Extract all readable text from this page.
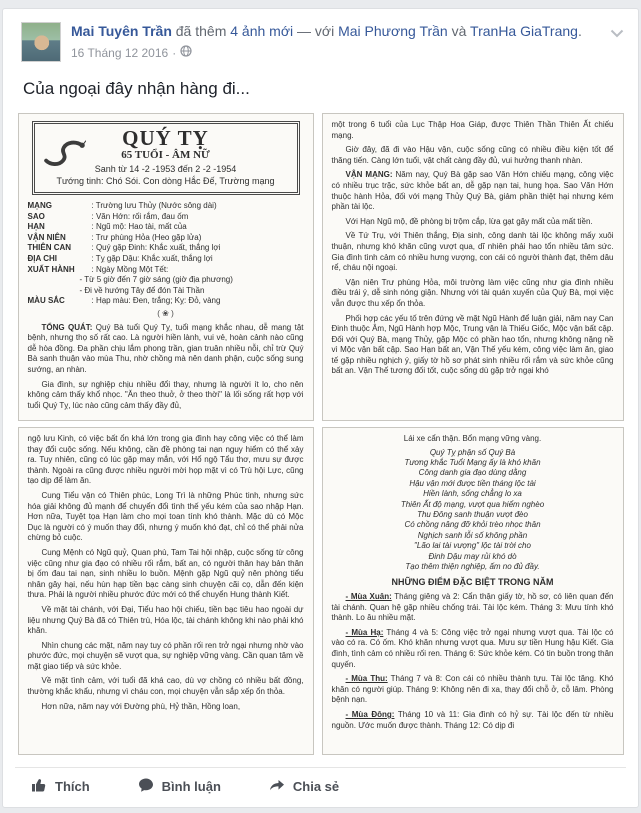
Mai Tuyên Trần đã thêm 4 ảnh mới — với Mai Phương Trần và TranHa GiaTrang.
16 Tháng 12 2016 ·
Của ngoại đây nhận hàng đi...
QUÝ TỴ
65 TUỔI - ÂM NỮ
Sanh từ 14 -2 -1953 đến 2 -2 -1954
Tướng tinh: Chó Sói. Con dòng Hắc Đế, Trường mạng
MẠNG	: Trường lưu Thủy (Nước sông dài)
SAO	: Văn Hớn: rối rắm, đau ốm
HẠN	: Ngũ mộ: Hao tài, mất của
VẬN NIÊN	: Trư phùng Hỏa (Heo gặp lửa)
THIÊN CAN	: Quý gặp Đinh: Khắc xuất, thắng lợi
ĐỊA CHI	: Tỵ gặp Dậu: Khắc xuất, thắng lợi
XUẤT HÀNH	: Ngày Mồng Một Tết:
- Từ 5 giờ đến 7 giờ sáng (giờ địa phương)
- Đi về hướng Tây để đón Tài Thần
MÀU SẮC	: Hạp màu: Đen, trắng; Kỵ: Đỏ, vàng
( ❀ )

TỔNG QUÁT: Quý Bà tuổi Quý Tỵ, tuổi mạng khắc nhau, dễ mang tật bệnh, nhưng thọ số rất cao. Là người hiền lành, vui vẻ, hoàn cảnh nào cũng dễ hòa đồng. Đa phần chịu lắm phong trần, gian truân nhiều nỗi, chỉ trừ Quý Bà sanh thuận vào mùa Thu, nhờ chồng mà nên danh phận, cuộc sống sung sướng, an nhàn.

Gia đình, sự nghiệp chịu nhiều đổi thay, nhưng là người ít lo, cho nên không cảm thấy khổ nhọc. "Ăn theo thuở, ở theo thời" là lối sống rất hợp với tuổi Quý Tỵ, lúc nào cũng cảm thấy đầy đủ,

một trong 6 tuổi của Lục Thập Hoa Giáp, được Thiên Thần Thiên Ất chiếu mạng.

Giờ đây, đã đi vào Hậu vận, cuộc sống cũng có nhiều điều kiện tốt để thăng tiến. Càng lớn tuổi, vật chất càng đầy đủ, vui hưởng thanh nhàn.

VẬN MẠNG: Năm nay, Quý Bà gặp sao Văn Hớn chiếu mạng, công việc có nhiều trục trặc, sức khỏe bất an, dễ gặp nạn tai, hung họa. Sao Văn Hớn thuộc hành Hỏa, đối với mạng Thủy Quý Bà, giảm phần thiệt hại nhưng kém phần tài lộc.

Với Hạn Ngũ mộ, đề phòng bị trộm cắp, lừa gạt gây mất của mất tiền.

Về Tứ Trụ, với Thiên thắng, Địa sinh, công danh tài lộc không mấy xuôi thuận, nhưng khó khăn cũng vượt qua, dĩ nhiên phải hao tổn nhiều tâm sức. Gia đình tình cảm có nhiều hưng vượng, con cái có người thành đạt, thêm dâu rể, cháu nội ngoại.

Vận niên Trư phùng Hỏa, môi trường làm việc cũng như gia đình nhiều điều trái ý, dễ sinh nóng giận. Nhưng với tài quán xuyến của Quý Bà, mọi việc vẫn được thu xếp ổn thỏa.

Phối hợp các yếu tố trên đứng về mặt Ngũ Hành để luận giải, năm nay Can Đinh thuộc Âm, Ngũ Hành hợp Mộc, Trung vận là Thiếu Giốc, Mộc vận bất cập. Đối với Quý Bà, mạng Thủy, gặp Mộc có phần hao tổn, nhưng không nặng nề vì Mộc vận bất cập. Sao Hạn bất an, Vận Thế yếu kém, công việc làm ăn, giao tế gặp nhiều nghịch ý, giấy tờ hồ sơ phát sinh nhiều rối rắm và sức khỏe cũng bất an. Vận Thế tương đối tốt, cuộc sống dù gặp trở ngại khó

ngộ lưu Kinh, có việc bất ổn khá lớn trong gia đình hay công việc có thể làm thay đổi cuộc sống. Nếu không, cần đề phòng tai nạn nguy hiểm có thể xảy ra. Tuy nhiên, cũng có lúc gặp may mắn, với Hổ ngộ Tẩu thơ, mưu sự được thành. Ngoài ra cũng được nhiều người mời họp mặt vì có Trù hội Lực, cũng tạo dịp để làm ăn.

Cung Tiểu vận có Thiên phúc, Long Trì là những Phúc tinh, nhưng sức hóa giải không đủ mạnh để chuyển đổi tình thế yếu kém của sao nhập Hạn. Hơn nữa, Tuyệt tọa Hạn làm cho mọi toan tính khó thành. Mặc dù có Mộc Dục là người có ý muốn thay đổi, nhưng ý muốn khó đạt, chỉ có thể phải nửa chừng bỏ cuộc.

Cung Mệnh có Ngũ quỷ, Quan phù, Tam Tai hội nhập, cuộc sống từ công việc cũng như gia đạo có nhiều rối rắm, bất an, có người thân hay bản thân bị ốm đau tai nạn, sinh nhiều lo buồn. Mệnh gặp Ngũ quỷ nên phòng tiểu nhân gây hại, nếu hùn hạp tiền bạc càng sinh chuyện cãi cọ, dẫn đến kiện thưa. Phải là người nhiều phước đức mới có thể chuyển Hung thành Kiết.

Về mặt tài chánh, với Đại, Tiểu hao hội chiếu, tiền bạc tiêu hao ngoài dự liệu nhưng Quý Bà đã có Thiên trù, Hóa lộc, tài chánh không khi nào phải khó khăn.

Nhìn chung các mặt, năm nay tuy có phần rối ren trở ngại nhưng nhờ vào phước đức, mọi chuyện sẽ vượt qua, sự nghiệp vững vàng. Cần quan tâm về mặt giao tiếp và sức khỏe.

Về mặt tình cảm, với tuổi đã khá cao, dù vợ chồng có nhiều bất đồng, thường khắc khẩu, nhưng vì cháu con, mọi chuyện vẫn sắp xếp ổn thỏa.

Hơn nữa, năm nay với Đường phù, Hỷ thần, Hồng loan,

Lái xe cẩn thận. Bổn mạng vững vàng.
Quý Tỵ phận số Quý Bà
Tương khắc Tuổi Mạng ấy là khó khăn
Công danh gia đạo dùng dằng
Hậu vận mới được tiền tháng lộc tài
Hiền lành, sống chẳng lo xa
Thiên Ất độ mạng, vượt qua hiểm nghèo
Thu Đông sanh thuận vượt đèo
Có chồng nâng đỡ khỏi trèo nhọc thân
Nghịch sanh lỗi số không phần
"Lão lai tài vượng" lộc tài trời cho
Đinh Dậu may rủi khó dò
Tạo thêm thiện nghiệp, ấm no đủ đầy.
NHỮNG ĐIỂM ĐẶC BIỆT TRONG NĂM

- Mùa Xuân: Tháng giêng và 2: Cẩn thận giấy tờ, hồ sơ, có liên quan đến tài chánh. Quan hệ gặp nhiều chống trái. Tài lộc kém. Tháng 3: Mưu tính khó thành. Lo âu nhiều mặt.

- Mùa Hạ: Tháng 4 và 5: Công việc trở ngại nhưng vượt qua. Tài lộc có vào có ra. Có ốm. Khó khăn nhưng vượt qua. Mưu sự tiền Hung hậu Kiết. Gia đình, tình cảm có nhiều rối ren. Tháng 6: Sức khỏe kém. Có tin buồn trong thân quyến.

- Mùa Thu: Tháng 7 và 8: Con cái có nhiều thành tựu. Tài lộc tăng. Khó khăn có người giúp. Tháng 9: Không nên đi xa, thay đổi chỗ ở, cỗ lâm. Phòng bệnh nạn.

- Mùa Đông: Tháng 10 và 11: Gia đình có hỷ sự. Tài lộc đến từ nhiều nguồn. Ước muốn được thành. Tháng 12: Có dịp đi

Thích	Bình luận	Chia sẻ
